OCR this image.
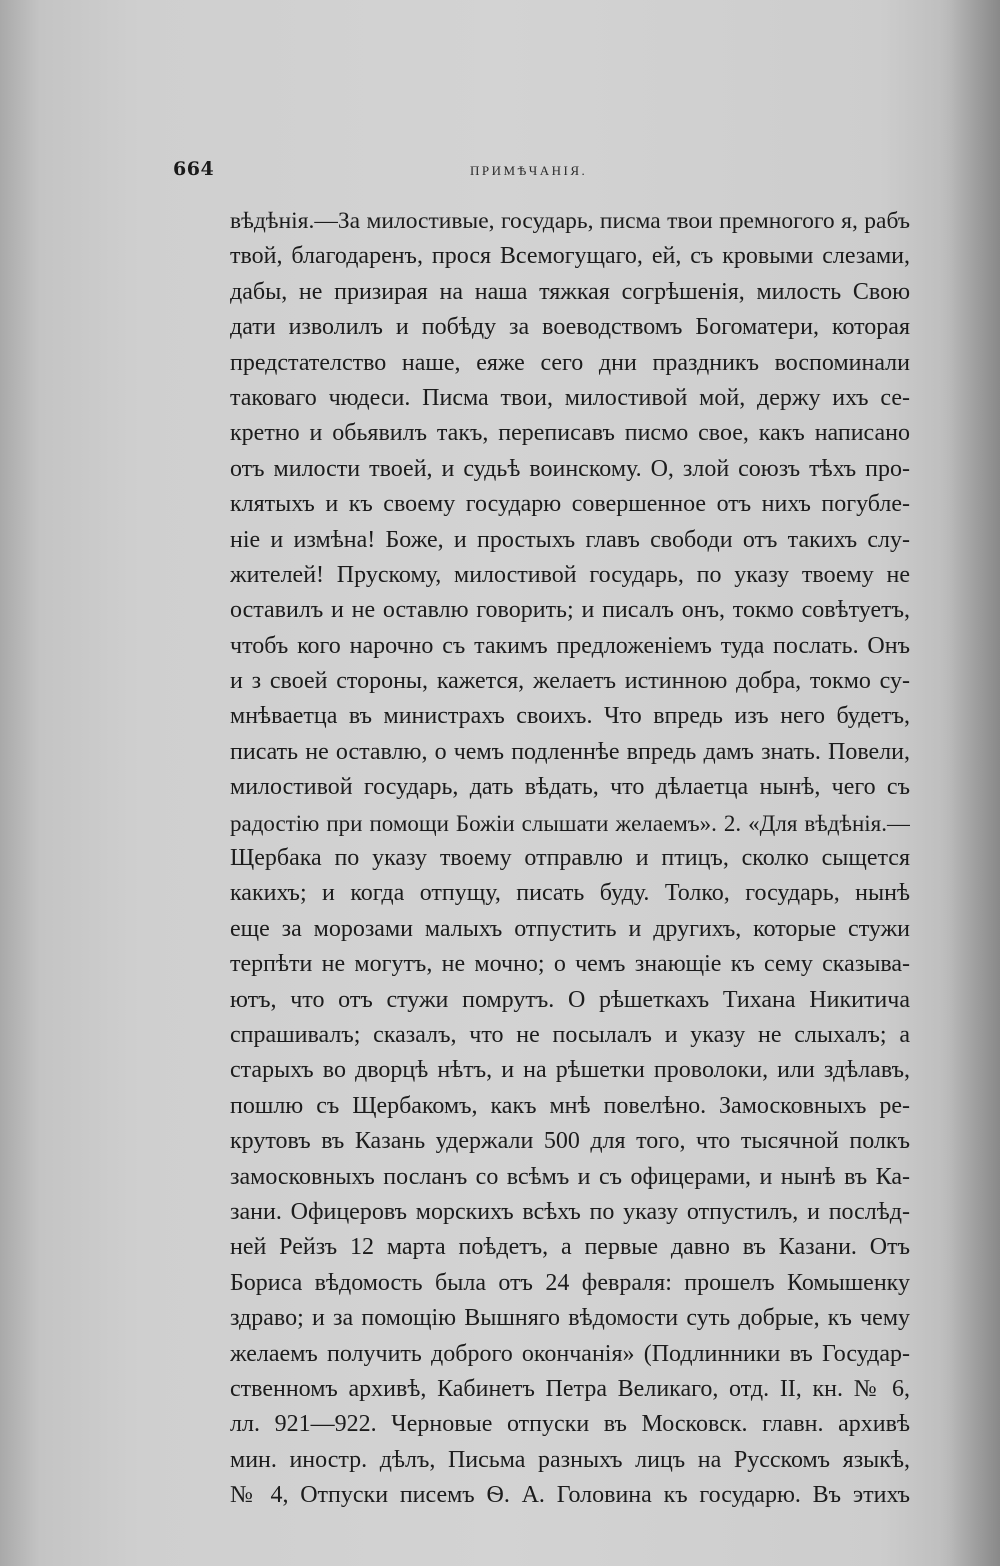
664	ПРИМѢЧАНІЯ.
вѣдѣнія.—За милостивые, государь, писма твои премногого я, рабъ
твой, благодаренъ, прося Всемогущаго, ей, съ кровыми слезами,
дабы, не призирая на наша тяжкая согрѣшенія, милость Свою
дати изволилъ и побѣду за воеводствомъ Богоматери, которая
предстателство наше, еяже сего дни праздникъ воспоминали
таковаго чюдеси. Писма твои, милостивой мой, держу ихъ се-
кретно и обьявилъ такъ, переписавъ писмо свое, какъ написано
отъ милости твоей, и судьѣ воинскому. О, злой союзъ тѣхъ про-
клятыхъ и къ своему государю совершенное отъ нихъ погубле-
ніе и измѣна! Боже, и простыхъ главъ свободи отъ такихъ слу-
жителей! Прускому, милостивой государь, по указу твоему не
оставилъ и не оставлю говорить; и писалъ онъ, токмо совѣтуетъ,
чтобъ кого нарочно съ такимъ предложеніемъ туда послать. Онъ
и з своей стороны, кажется, желаетъ истинною добра, токмо су-
мнѣваетца въ министрахъ своихъ. Что впредь изъ него будетъ,
писать не оставлю, о чемъ подленнѣе впредь дамъ знать. Повели,
милостивой государь, дать вѣдать, что дѣлаетца нынѣ, чего съ
радостію при помощи Божіи слышати желаемъ». 2. «Для вѣдѣнія.—
Щербака по указу твоему отправлю и птицъ, сколко сыщется
какихъ; и когда отпущу, писать буду. Толко, государь, нынѣ
еще за морозами малыхъ отпустить и другихъ, которые стужи
терпѣти не могутъ, не мочно; о чемъ знающіе къ сему сказыва-
ютъ, что отъ стужи помрутъ. О рѣшеткахъ Тихана Никитича
спрашивалъ; сказалъ, что не посылалъ и указу не слыхалъ; а
старыхъ во дворцѣ нѣтъ, и на рѣшетки проволоки, или здѣлавъ,
пошлю съ Щербакомъ, какъ мнѣ повелѣно. Замосковныхъ ре-
крутовъ въ Казань удержали 500 для того, что тысячной полкъ
замосковныхъ посланъ со всѣмъ и съ офицерами, и нынѣ въ Ка-
зани. Офицеровъ морскихъ всѣхъ по указу отпустилъ, и послѣд-
ней Рейзъ 12 марта поѣдетъ, а первые давно въ Казани. Отъ
Бориса вѣдомость была отъ 24 февраля: прошелъ Комышенку
здраво; и за помощію Вышняго вѣдомости суть добрые, къ чему
желаемъ получить доброго окончанія» (Подлинники въ Государ-
ственномъ архивѣ, Кабинетъ Петра Великаго, отд. II, кн. № 6,
лл. 921—922. Черновые отпуски въ Московск. главн. архивѣ
мин. иностр. дѣлъ, Письма разныхъ лицъ на Русскомъ языкѣ,
№ 4, Отпуски писемъ Ѳ. А. Головина къ государю. Въ этихъ
